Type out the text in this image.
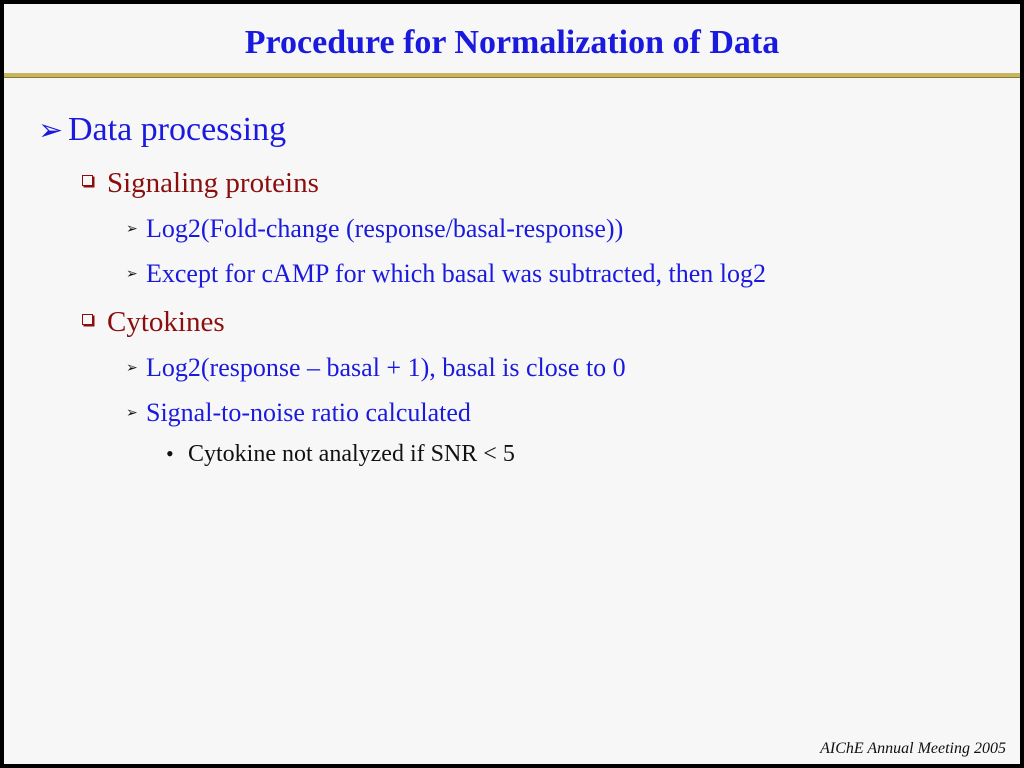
Procedure for Normalization of Data
➢ Data processing
Signaling proteins
➢ Log2(Fold-change (response/basal-response))
➢ Except for cAMP for which basal was subtracted, then log2
Cytokines
➢ Log2(response – basal + 1), basal is close to 0
➢ Signal-to-noise ratio calculated
• Cytokine not analyzed if SNR < 5
AIChE Annual Meeting 2005
